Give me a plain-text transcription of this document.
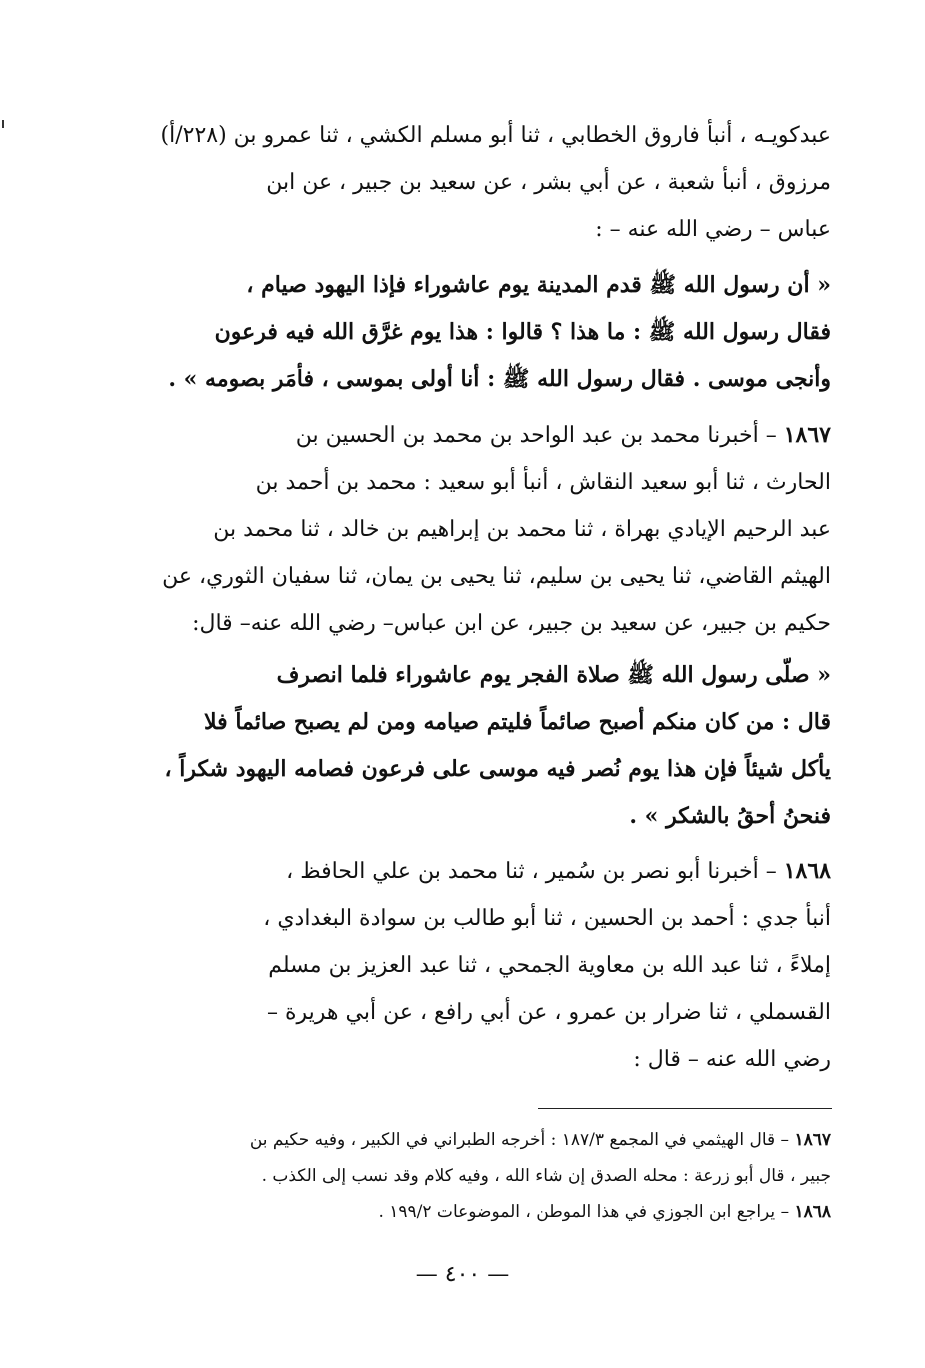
عبدكويـه ، أنبأ فاروق الخطابي ، ثنا أبو مسلم الكشي ، ثنا عمرو بن (٢٢٨/أ)
مرزوق ، أنبأ شعبة ، عن أبي بشر ، عن سعيد بن جبير ، عن ابن
عباس – رضي الله عنه – :
« أن رسول الله ﷺ قدم المدينة يوم عاشوراء فإذا اليهود صيام ،
فقال رسول الله ﷺ : ما هذا ؟ قالوا : هذا يوم غرَّق الله فيه فرعون
وأنجى موسى . فقال رسول الله ﷺ : أنا أولى بموسى ، فأمَر بصومه » .
١٨٦٧ – أخبرنا محمد بن عبد الواحد بن محمد بن الحسين بن
الحارث ، ثنا أبو سعيد النقاش ، أنبأ أبو سعيد : محمد بن أحمد بن
عبد الرحيم الإيادي بهراة ، ثنا محمد بن إبراهيم بن خالد ، ثنا محمد بن
الهيثم القاضي، ثنا يحيى بن سليم، ثنا يحيى بن يمان، ثنا سفيان الثوري، عن
حكيم بن جبير، عن سعيد بن جبير، عن ابن عباس– رضي الله عنه– قال:
« صلّى رسول الله ﷺ صلاة الفجر يوم عاشوراء فلما انصرف
قال : من كان منكم أصبح صائماً فليتم صيامه ومن لم يصبح صائماً فلا
يأكل شيئاً فإن هذا يوم نُصر فيه موسى على فرعون فصامه اليهود شكراً ،
فنحنُ أحقُ بالشكر » .
١٨٦٨ – أخبرنا أبو نصر بن سُمير ، ثنا محمد بن علي الحافظ ،
أنبأ جدي : أحمد بن الحسين ، ثنا أبو طالب بن سوادة البغدادي ،
إملاءً ، ثنا عبد الله بن معاوية الجمحي ، ثنا عبد العزيز بن مسلم
القسملي ، ثنا ضرار بن عمرو ، عن أبي رافع ، عن أبي هريرة –
رضي الله عنه – قال :
١٨٦٧ – قال الهيثمي في المجمع ١٨٧/٣ : أخرجه الطبراني في الكبير ، وفيه حكيم بن
جبير ، قال أبو زرعة : محله الصدق إن شاء الله ، وفيه كلام وقد نسب إلى الكذب .
١٨٦٨ – يراجع ابن الجوزي في هذا الموطن ، الموضوعات ١٩٩/٢ .
— ٤٠٠ —
